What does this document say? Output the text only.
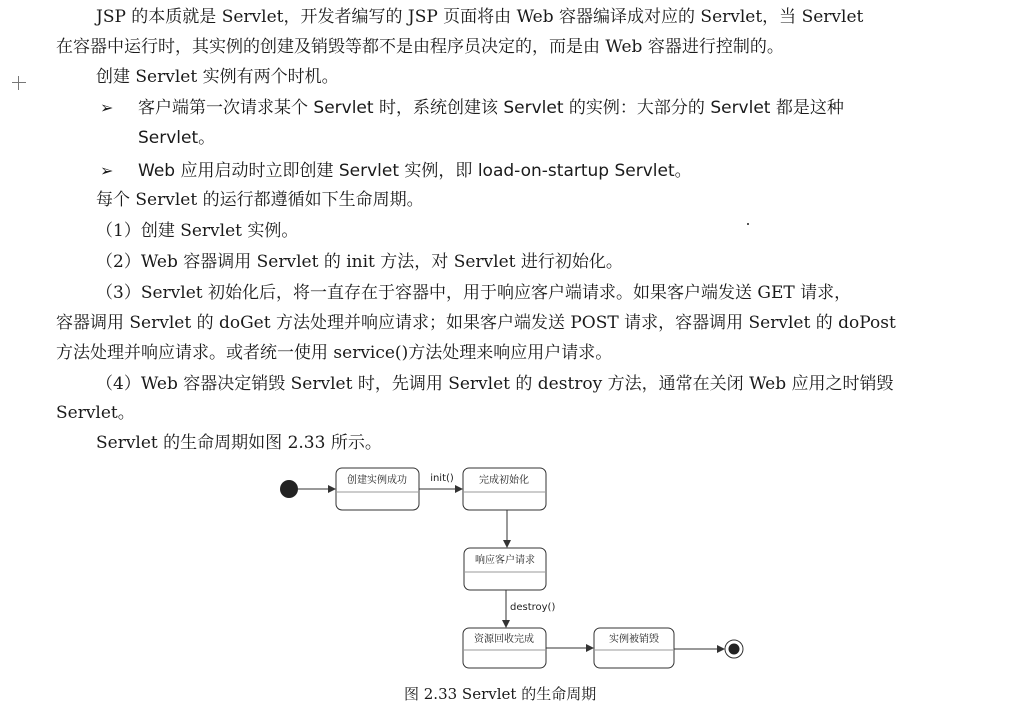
JSP 的本质就是 Servlet，开发者编写的 JSP 页面将由 Web 容器编译成对应的 Servlet，当 Servlet
在容器中运行时，其实例的创建及销毁等都不是由程序员决定的，而是由 Web 容器进行控制的。
创建 Servlet 实例有两个时机。
➢ 客户端第一次请求某个 Servlet 时，系统创建该 Servlet 的实例：大部分的 Servlet 都是这种
Servlet。
➢ Web 应用启动时立即创建 Servlet 实例，即 load-on-startup Servlet。
每个 Servlet 的运行都遵循如下生命周期。
（1）创建 Servlet 实例。
（2）Web 容器调用 Servlet 的 init 方法，对 Servlet 进行初始化。
（3）Servlet 初始化后，将一直存在于容器中，用于响应客户端请求。如果客户端发送 GET 请求，
容器调用 Servlet 的 doGet 方法处理并响应请求；如果客户端发送 POST 请求，容器调用 Servlet 的 doPost
方法处理并响应请求。或者统一使用 service()方法处理来响应用户请求。
（4）Web 容器决定销毁 Servlet 时，先调用 Servlet 的 destroy 方法，通常在关闭 Web 应用之时销毁
Servlet。
Servlet 的生命周期如图 2.33 所示。
创建实例成功 init()	完成初始化
响应客户请求
destroy()
资源回收完成	实例被销毁
图 2.33 Servlet 的生命周期
